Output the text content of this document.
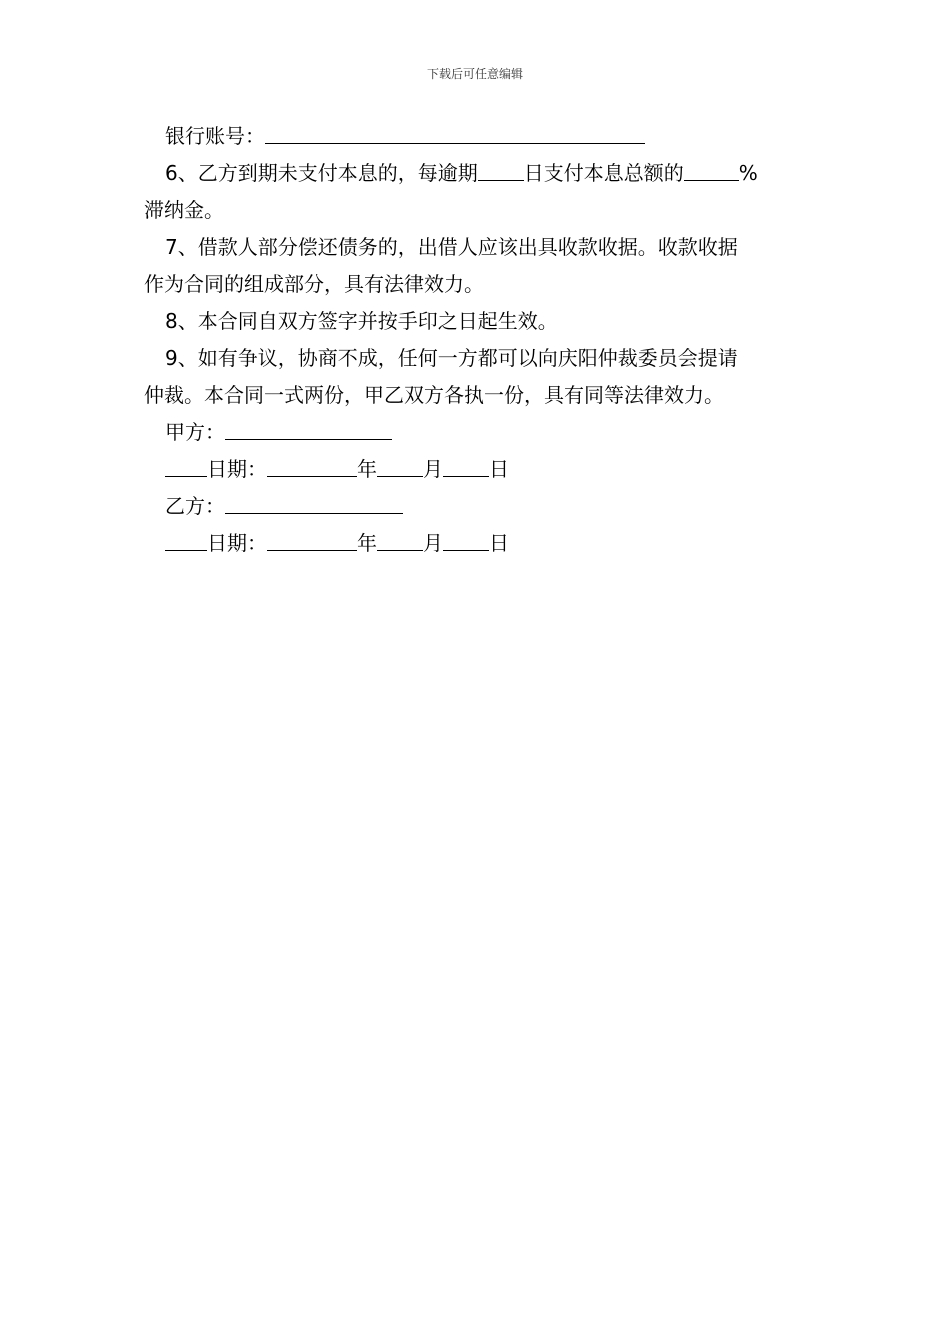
下载后可任意编辑
银行账号：
6、乙方到期未支付本息的，每逾期 日支付本息总额的	%
滞纳金。
7、借款人部分偿还债务的，出借人应该出具收款收据。收款收据
作为合同的组成部分，具有法律效力。
8、本合同自双方签字并按手印之日起生效。
9、如有争议，协商不成，任何一方都可以向庆阳仲裁委员会提请
仲裁。本合同一式两份，甲乙双方各执一份，具有同等法律效力。
甲方：
日期：	年 月 日
乙方：
日期：	年 月 日
